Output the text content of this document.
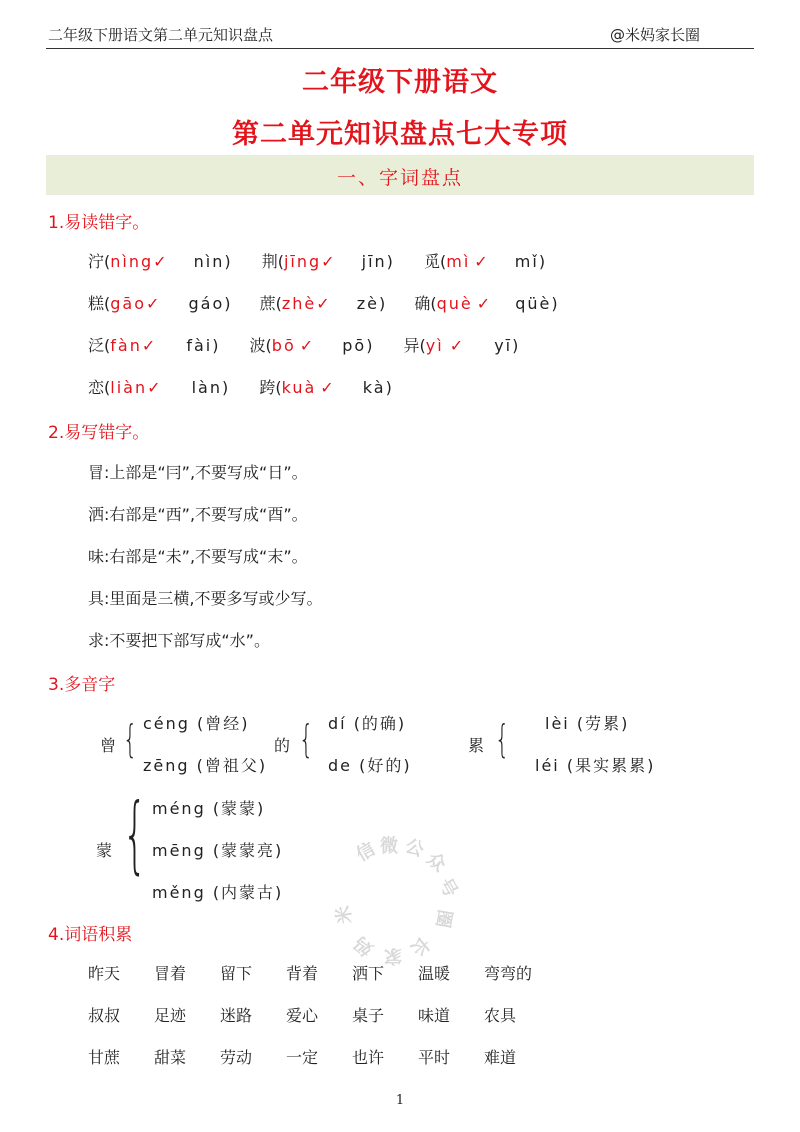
二年级下册语文第二单元知识盘点	@米妈家长圈
二年级下册语文
第二单元知识盘点七大专项
一、字词盘点
1.易读错字。
泞(nìng✓ nìn) 荆(jīng✓ jīn) 觅(mì ✓ mǐ)
糕(gāo✓ gáo) 蔗(zhè✓ zè) 确(què ✓ qüè)
泛(fàn✓ fài) 波(bō ✓ pō) 异(yì ✓ yī)
恋(liàn✓ làn) 跨(kuà ✓ kà)
2.易写错字。
冒:上部是“冃”,不要写成“日”。
洒:右部是“西”,不要写成“酉”。
味:右部是“未”,不要写成“末”。
具:里面是三横,不要多写或少写。
求:不要把下部写成“水”。
3.多音字
曾 { céng (曾经)
zēng (曾祖父)
的 { dí (的确)
de (好的)
累 { lèi (劳累)
léi (果实累累)
蒙 { méng (蒙蒙)
mēng (蒙蒙亮)
měng (内蒙古)
信 微 公
众
号
圈
长
家
妈
米
4.词语积累
昨天 冒着 留下 背着 洒下 温暖 弯弯的
叔叔 足迹 迷路 爱心 桌子 味道 农具
甘蔗 甜菜 劳动 一定 也许 平时 难道
1
